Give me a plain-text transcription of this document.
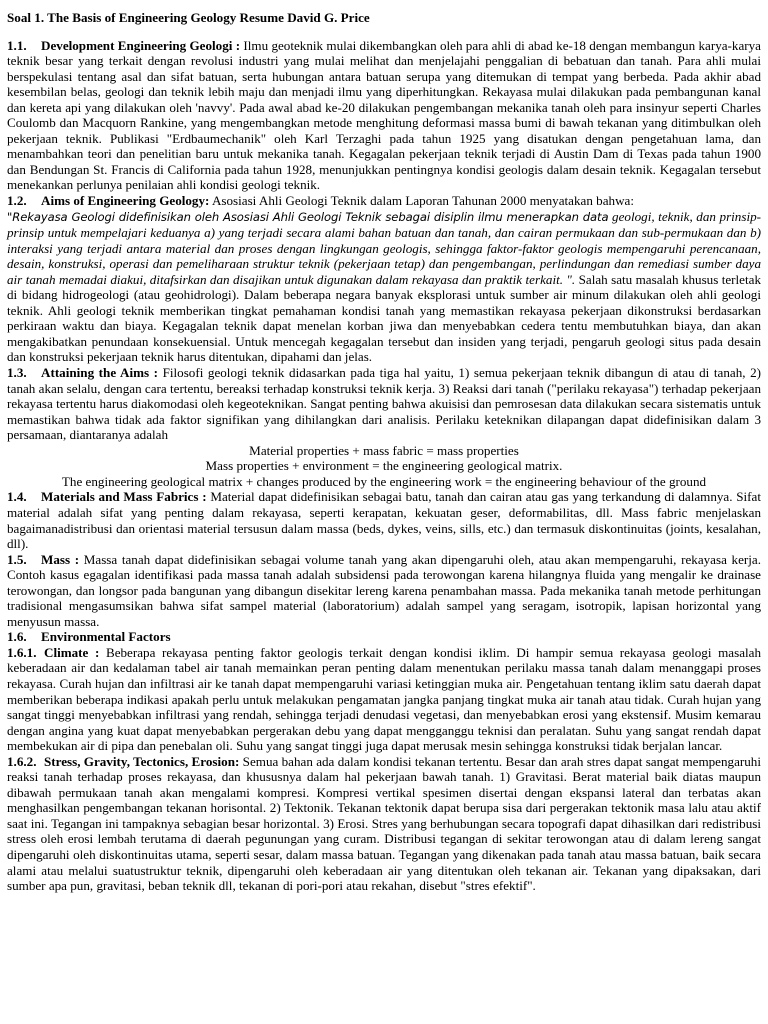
Soal 1. The Basis of Engineering Geology Resume David G. Price

1.1. Development Engineering Geologi : Ilmu geoteknik mulai dikembangkan oleh para ahli di abad ke-18 dengan membangun karya-karya teknik besar yang terkait dengan revolusi industri yang mulai melihat dan menjelajahi penggalian di bebatuan dan tanah. Para ahli mulai berspekulasi tentang asal dan sifat batuan, serta hubungan antara batuan serupa yang ditemukan di tempat yang berbeda. Pada akhir abad kesembilan belas, geologi dan teknik lebih maju dan menjadi ilmu yang diperhitungkan. Rekayasa mulai dilakukan pada pembangunan kanal dan kereta api yang dilakukan oleh 'navvy'. Pada awal abad ke-20 dilakukan pengembangan mekanika tanah oleh para insinyur seperti Charles Coulomb dan Macquorn Rankine, yang mengembangkan metode menghitung deformasi massa bumi di bawah tekanan yang ditimbulkan oleh pekerjaan teknik. Publikasi "Erdbaumechanik" oleh Karl Terzaghi pada tahun 1925 yang disatukan dengan pengetahuan lama, dan menambahkan teori dan penelitian baru untuk mekanika tanah. Kegagalan pekerjaan teknik terjadi di Austin Dam di Texas pada tahun 1900 dan Bendungan St. Francis di California pada tahun 1928, menunjukkan pentingnya kondisi geologis dalam desain teknik. Kegagalan tersebut menekankan perlunya penilaian ahli kondisi geologi teknik.

1.2. Aims of Engineering Geology: Asosiasi Ahli Geologi Teknik dalam Laporan Tahunan 2000 menyatakan bahwa:

"Rekayasa Geologi didefinisikan oleh Asosiasi Ahli Geologi Teknik sebagai disiplin ilmu menerapkan data geologi, teknik, dan prinsip-prinsip untuk mempelajari keduanya a) yang terjadi secara alami bahan batuan dan tanah, dan cairan permukaan dan sub-permukaan dan b) interaksi yang terjadi antara material dan proses dengan lingkungan geologis, sehingga faktor-faktor geologis mempengaruhi perencanaan, desain, konstruksi, operasi dan pemeliharaan struktur teknik (pekerjaan tetap) dan pengembangan, perlindungan dan remediasi sumber daya air tanah memadai diakui, ditafsirkan dan disajikan untuk digunakan dalam rekayasa dan praktik terkait. ". Salah satu masalah khusus terletak di bidang hidrogeologi (atau geohidrologi). Dalam beberapa negara banyak eksplorasi untuk sumber air minum dilakukan oleh ahli geologi teknik. Ahli geologi teknik memberikan tingkat pemahaman kondisi tanah yang memastikan rekayasa pekerjaan dikonstruksi berdasarkan perkiraan waktu dan biaya. Kegagalan teknik dapat menelan korban jiwa dan menyebabkan cedera tentu membutuhkan biaya, dan akan mengakibatkan penundaan konsekuensial. Untuk mencegah kegagalan tersebut dan insiden yang terjadi, pengaruh geologi situs pada desain dan konstruksi pekerjaan teknik harus ditentukan, dipahami dan jelas.

1.3. Attaining the Aims : Filosofi geologi teknik didasarkan pada tiga hal yaitu, 1) semua pekerjaan teknik dibangun di atau di tanah, 2) tanah akan selalu, dengan cara tertentu, bereaksi terhadap konstruksi teknik kerja. 3) Reaksi dari tanah ("perilaku rekayasa") terhadap pekerjaan rekayasa tertentu harus diakomodasi oleh kegeoteknikan. Sangat penting bahwa akuisisi dan pemrosesan data dilakukan secara sistematis untuk memastikan bahwa tidak ada faktor signifikan yang dihilangkan dari analisis. Perilaku keteknikan dilapangan dapat didefinisikan dalam 3 persamaan, diantaranya adalah

Material properties + mass fabric = mass properties

Mass properties + environment = the engineering geological matrix.

The engineering geological matrix + changes produced by the engineering work = the engineering behaviour of the ground

1.4. Materials and Mass Fabrics : Material dapat didefinisikan sebagai batu, tanah dan cairan atau gas yang terkandung di dalamnya. Sifat material adalah sifat yang penting dalam rekayasa, seperti kerapatan, kekuatan geser, deformabilitas, dll. Mass fabric menjelaskan bagaimanadistribusi dan orientasi material tersusun dalam massa (beds, dykes, veins, sills, etc.) dan termasuk diskontinuitas (joints, kesalahan, dll).

1.5. Mass : Massa tanah dapat didefinisikan sebagai volume tanah yang akan dipengaruhi oleh, atau akan mempengaruhi, rekayasa kerja. Contoh kasus egagalan identifikasi pada massa tanah adalah subsidensi pada terowongan karena hilangnya fluida yang mengalir ke drainase terowongan, dan longsor pada bangunan yang dibangun disekitar lereng karena penambahan massa. Pada mekanika tanah metode perhitungan tradisional mengasumsikan bahwa sifat sampel material (laboratorium) adalah sampel yang seragam, isotropik, lapisan horizontal yang menyusun massa.

1.6. Environmental Factors

1.6.1. Climate : Beberapa rekayasa penting faktor geologis terkait dengan kondisi iklim. Di hampir semua rekayasa geologi masalah keberadaan air dan kedalaman tabel air tanah memainkan peran penting dalam menentukan perilaku massa tanah dalam menanggapi proses rekayasa. Curah hujan dan infiltrasi air ke tanah dapat mempengaruhi variasi ketinggian muka air. Pengetahuan tentang iklim satu daerah dapat memberikan beberapa indikasi apakah perlu untuk melakukan pengamatan jangka panjang tingkat muka air tanah atau tidak. Curah hujan yang sangat tinggi menyebabkan infiltrasi yang rendah, sehingga terjadi denudasi vegetasi, dan menyebabkan erosi yang ekstensif. Musim kemarau dengan angina yang kuat dapat menyebabkan pergerakan debu yang dapat mengganggu teknisi dan peralatan. Suhu yang sangat rendah dapat membekukan air di pipa dan penebalan oli. Suhu yang sangat tinggi juga dapat merusak mesin sehingga konstruksi tidak berjalan lancar.

1.6.2. Stress, Gravity, Tectonics, Erosion: Semua bahan ada dalam kondisi tekanan tertentu. Besar dan arah stres dapat sangat mempengaruhi reaksi tanah terhadap proses rekayasa, dan khususnya dalam hal pekerjaan bawah tanah. 1) Gravitasi. Berat material baik diatas maupun dibawah permukaan tanah akan mengalami kompresi. Kompresi vertikal spesimen disertai dengan ekspansi lateral dan terbatas akan menghasilkan pengembangan tekanan horisontal. 2) Tektonik. Tekanan tektonik dapat berupa sisa dari pergerakan tektonik masa lalu atau aktif saat ini. Tegangan ini tampaknya sebagian besar horizontal. 3) Erosi. Stres yang berhubungan secara topografi dapat dihasilkan dari redistribusi stress oleh erosi lembah terutama di daerah pegunungan yang curam. Distribusi tegangan di sekitar terowongan atau di dalam lereng sangat dipengaruhi oleh diskontinuitas utama, seperti sesar, dalam massa batuan. Tegangan yang dikenakan pada tanah atau massa batuan, baik secara alami atau melalui suatustruktur teknik, dipengaruhi oleh keberadaan air yang ditentukan oleh tekanan air. Tekanan yang dipaksakan, dari sumber apa pun, gravitasi, beban teknik dll, tekanan di pori-pori atau rekahan, disebut "stres efektif".
